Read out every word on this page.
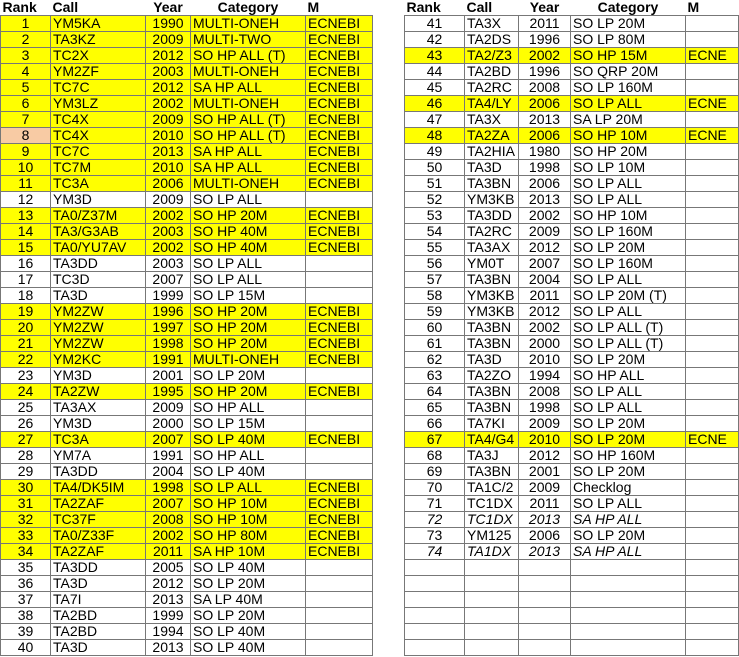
Rank	Call	Year	Category	M
1	YM5KA	1990	MULTI-ONEH	ECNEBI
2	TA3KZ	2009	MULTI-TWO	ECNEBI
3	TC2X	2012	SO HP ALL (T)	ECNEBI
4	YM2ZF	2003	MULTI-ONEH	ECNEBI
5	TC7C	2012	SA HP ALL	ECNEBI
6	YM3LZ	2002	MULTI-ONEH	ECNEBI
7	TC4X	2009	SO HP ALL (T)	ECNEBI
8	TC4X	2010	SO HP ALL (T)	ECNEBI
9	TC7C	2013	SA HP ALL	ECNEBI
10	TC7M	2010	SA HP ALL	ECNEBI
11	TC3A	2006	MULTI-ONEH	ECNEBI
12	YM3D	2009	SO LP ALL	
13	TA0/Z37M	2002	SO HP 20M	ECNEBI
14	TA3/G3AB	2003	SO HP 40M	ECNEBI
15	TA0/YU7AV	2002	SO HP 40M	ECNEBI
16	TA3DD	2003	SO LP ALL	
17	TC3D	2007	SO LP ALL	
18	TA3D	1999	SO LP 15M	
19	YM2ZW	1996	SO HP 20M	ECNEBI
20	YM2ZW	1997	SO HP 20M	ECNEBI
21	YM2ZW	1998	SO HP 20M	ECNEBI
22	YM2KC	1991	MULTI-ONEH	ECNEBI
23	YM3D	2001	SO LP 20M	
24	TA2ZW	1995	SO HP 20M	ECNEBI
25	TA3AX	2009	SO HP ALL	
26	YM3D	2000	SO LP 15M	
27	TC3A	2007	SO LP 40M	ECNEBI
28	YM7A	1991	SO HP ALL	
29	TA3DD	2004	SO LP 40M	
30	TA4/DK5IM	1998	SO LP ALL	ECNEBI
31	TA2ZAF	2007	SO HP 10M	ECNEBI
32	TC37F	2008	SO HP 10M	ECNEBI
33	TA0/Z33F	2002	SO HP 80M	ECNEBI
34	TA2ZAF	2011	SA HP 10M	ECNEBI
35	TA3DD	2005	SO LP 40M	
36	TA3D	2012	SO LP 20M	
37	TA7I	2013	SA LP 40M	
38	TA2BD	1999	SO LP 20M	
39	TA2BD	1994	SO LP 40M	
40	TA3D	2013	SO LP 40M	
Rank	Call	Year	Category	M
41	TA3X	2011	SO LP 20M	
42	TA2DS	1996	SO LP 80M	
43	TA2/Z3	2002	SO HP 15M	ECNE
44	TA2BD	1996	SO QRP 20M	
45	TA2RC	2008	SO LP 160M	
46	TA4/LY	2006	SO LP ALL	ECNE
47	TA3X	2013	SA LP 20M	
48	TA2ZA	2006	SO HP 10M	ECNE
49	TA2HIA	1980	SO HP 20M	
50	TA3D	1998	SO LP 10M	
51	TA3BN	2006	SO LP ALL	
52	YM3KB	2013	SO LP ALL	
53	TA3DD	2002	SO HP 10M	
54	TA2RC	2009	SO LP 160M	
55	TA3AX	2012	SO LP 20M	
56	YM0T	2007	SO LP 160M	
57	TA3BN	2004	SO LP ALL	
58	YM3KB	2011	SO LP 20M (T)	
59	YM3KB	2012	SO LP ALL	
60	TA3BN	2002	SO LP ALL (T)	
61	TA3BN	2000	SO LP ALL (T)	
62	TA3D	2010	SO LP 20M	
63	TA2ZO	1994	SO HP ALL	
64	TA3BN	2008	SO LP ALL	
65	TA3BN	1998	SO LP ALL	
66	TA7KI	2009	SO LP 20M	
67	TA4/G4	2010	SO LP 20M	ECNE
68	TA3J	2012	SO HP 160M	
69	TA3BN	2001	SO LP 20M	
70	TA1C/2	2009	Checklog	
71	TC1DX	2011	SO LP ALL	
72	TC1DX	2013	SA HP ALL	
73	YM125	2006	SO LP 20M	
74	TA1DX	2013	SA HP ALL	
